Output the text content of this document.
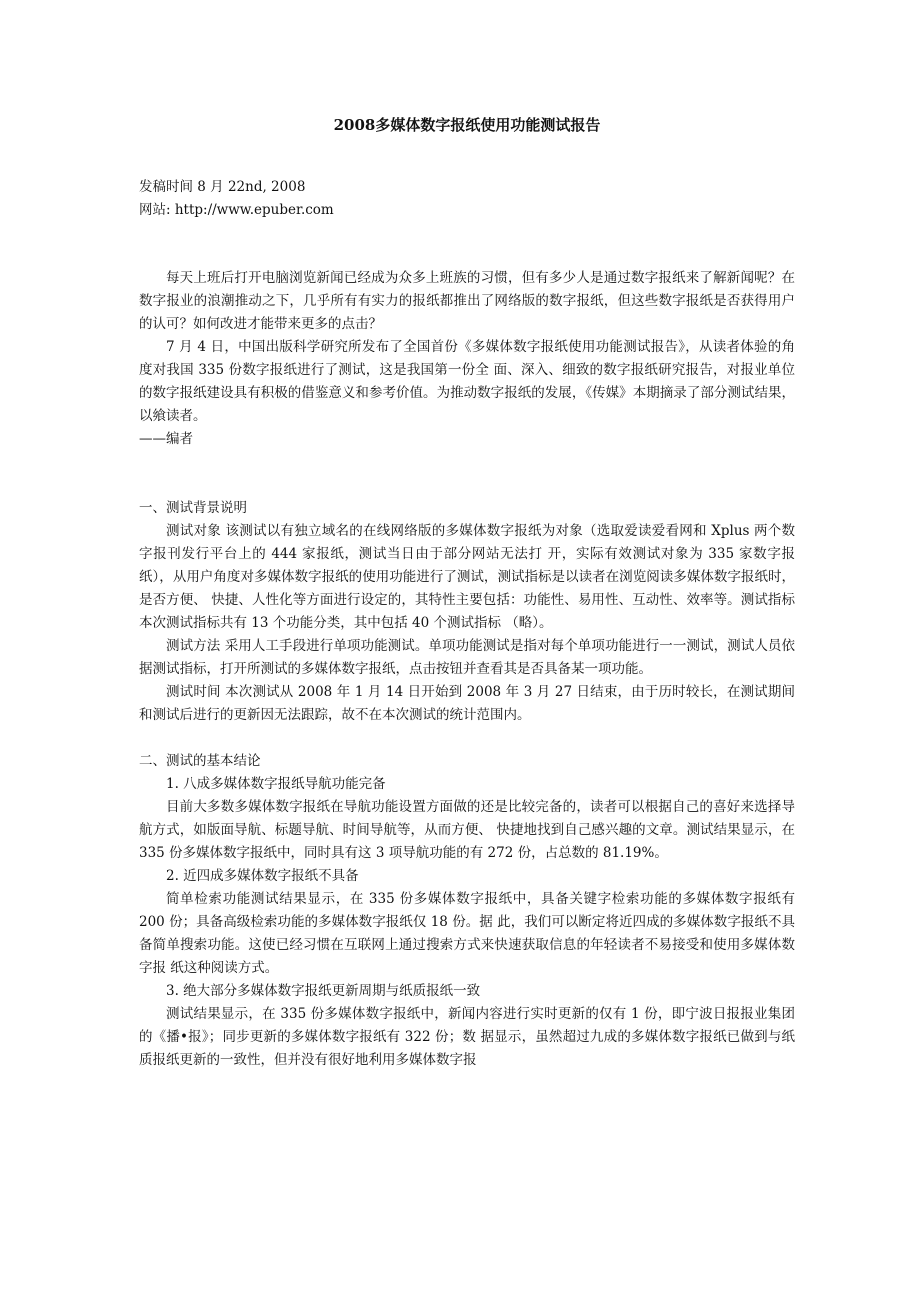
2008多媒体数字报纸使用功能测试报告

发稿时间 8 月 22nd, 2008

网站: http://www.epuber.com

每天上班后打开电脑浏览新闻已经成为众多上班族的习惯，但有多少人是通过数字报纸来了解新闻呢？在数字报业的浪潮推动之下，几乎所有有实力的报纸都推出了网络版的数字报纸，但这些数字报纸是否获得用户的认可？如何改进才能带来更多的点击？

7 月 4 日，中国出版科学研究所发布了全国首份《多媒体数字报纸使用功能测试报告》，从读者体验的角度对我国 335 份数字报纸进行了测试，这是我国第一份全 面、深入、细致的数字报纸研究报告，对报业单位的数字报纸建设具有积极的借鉴意义和参考价值。为推动数字报纸的发展，《传媒》本期摘录了部分测试结果，以飨读者。

——编者

一、测试背景说明

测试对象 该测试以有独立域名的在线网络版的多媒体数字报纸为对象（选取爱读爱看网和 Xplus 两个数字报刊发行平台上的 444 家报纸，测试当日由于部分网站无法打 开，实际有效测试对象为 335 家数字报纸），从用户角度对多媒体数字报纸的使用功能进行了测试，测试指标是以读者在浏览阅读多媒体数字报纸时，是否方便、 快捷、人性化等方面进行设定的，其特性主要包括：功能性、易用性、互动性、效率等。测试指标本次测试指标共有 13 个功能分类，其中包括 40 个测试指标 （略）。

测试方法 采用人工手段进行单项功能测试。单项功能测试是指对每个单项功能进行一一测试，测试人员依据测试指标，打开所测试的多媒体数字报纸，点击按钮并查看其是否具备某一项功能。

测试时间 本次测试从 2008 年 1 月 14 日开始到 2008 年 3 月 27 日结束，由于历时较长，在测试期间和测试后进行的更新因无法跟踪，故不在本次测试的统计范围内。

二、测试的基本结论

1. 八成多媒体数字报纸导航功能完备

目前大多数多媒体数字报纸在导航功能设置方面做的还是比较完备的，读者可以根据自己的喜好来选择导航方式，如版面导航、标题导航、时间导航等，从而方便、 快捷地找到自己感兴趣的文章。测试结果显示，在 335 份多媒体数字报纸中，同时具有这 3 项导航功能的有 272 份，占总数的 81.19%。

2. 近四成多媒体数字报纸不具备

简单检索功能测试结果显示，在 335 份多媒体数字报纸中，具备关键字检索功能的多媒体数字报纸有 200 份；具备高级检索功能的多媒体数字报纸仅 18 份。据 此，我们可以断定将近四成的多媒体数字报纸不具备简单搜索功能。这使已经习惯在互联网上通过搜索方式来快速获取信息的年轻读者不易接受和使用多媒体数字报 纸这种阅读方式。

3. 绝大部分多媒体数字报纸更新周期与纸质报纸一致

测试结果显示，在 335 份多媒体数字报纸中，新闻内容进行实时更新的仅有 1 份，即宁波日报报业集团的《播•报》；同步更新的多媒体数字报纸有 322 份；数 据显示，虽然超过九成的多媒体数字报纸已做到与纸质报纸更新的一致性，但并没有很好地利用多媒体数字报
